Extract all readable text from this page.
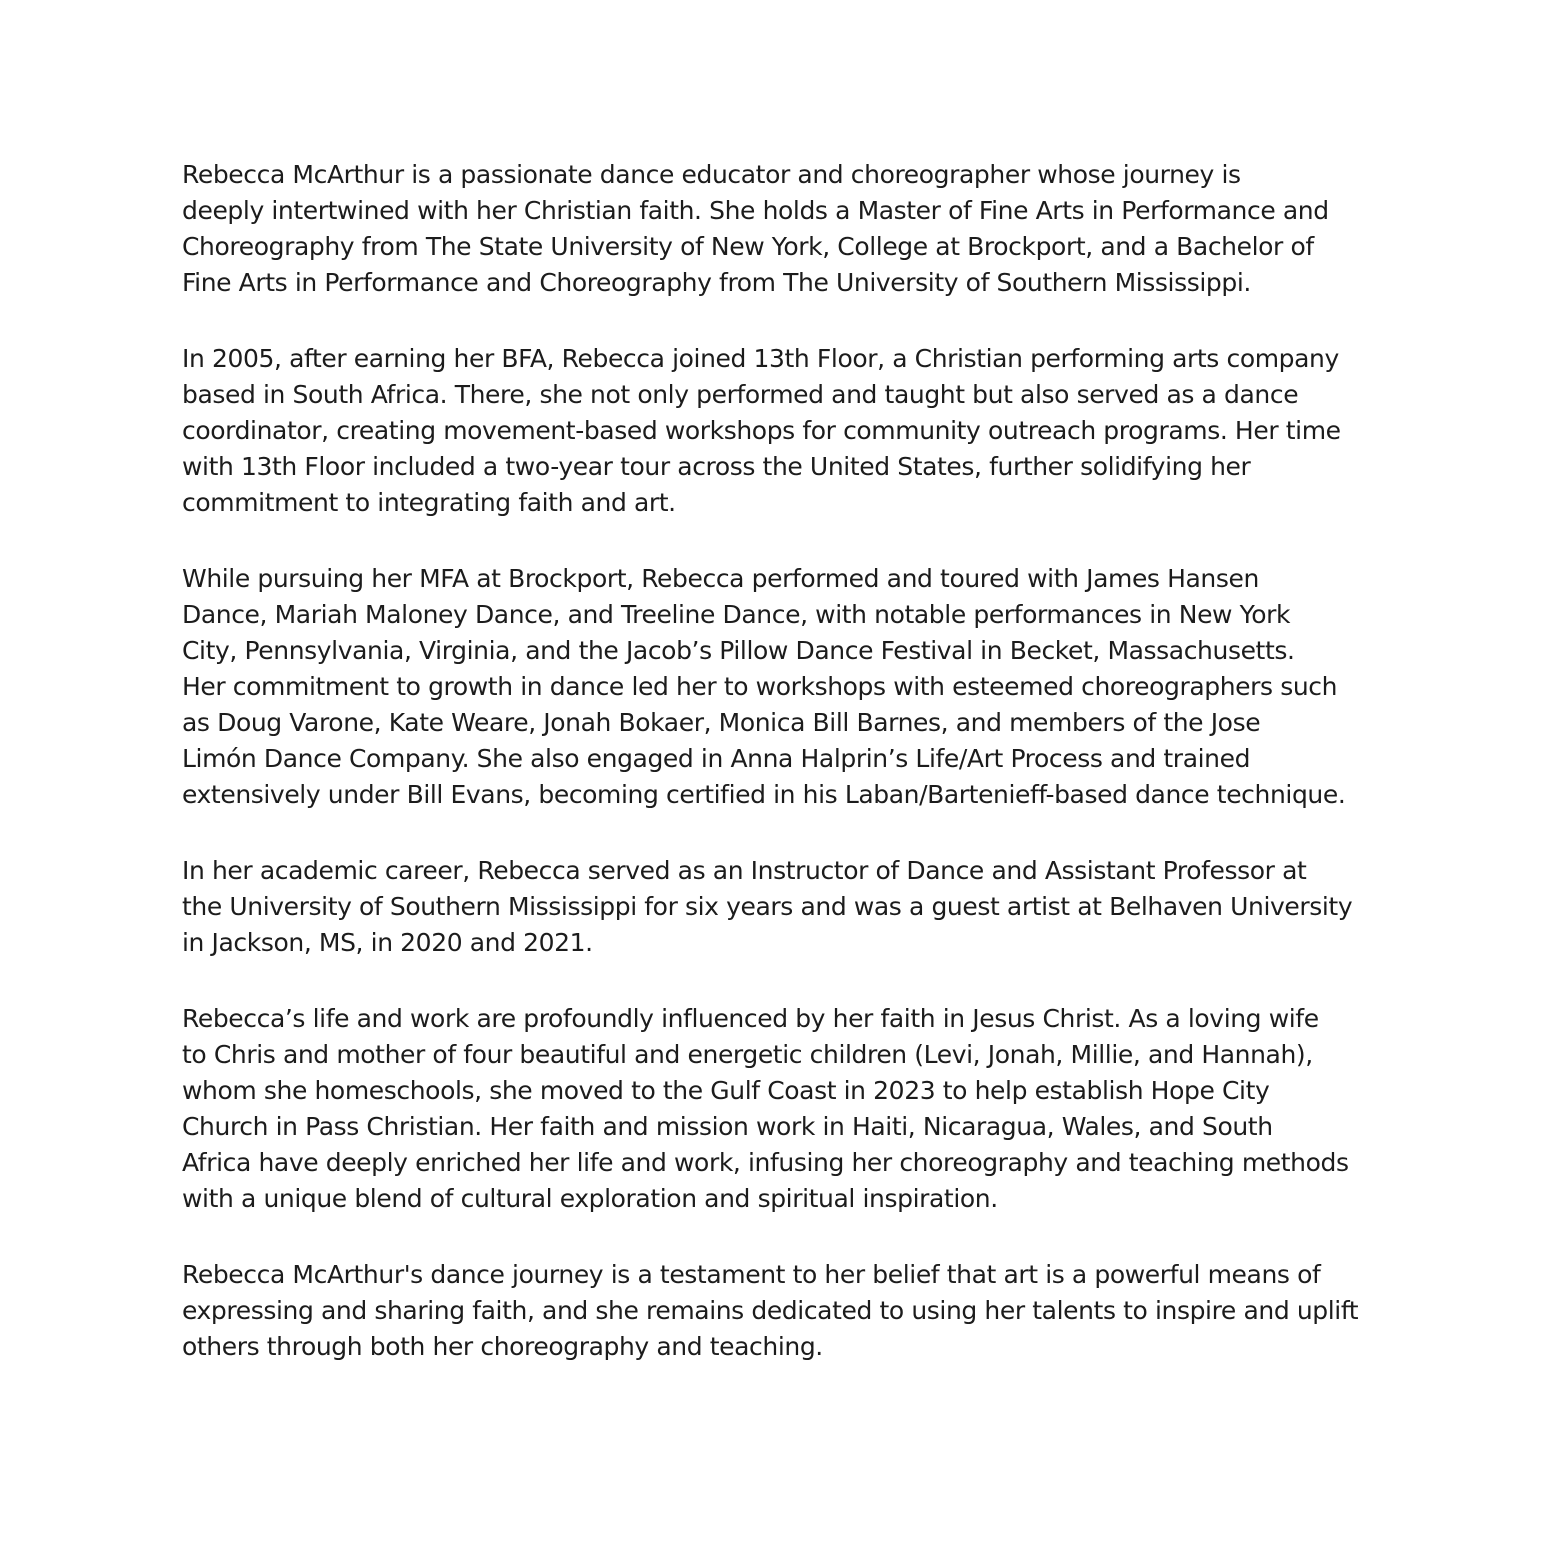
Rebecca McArthur is a passionate dance educator and choreographer whose journey is
deeply intertwined with her Christian faith. She holds a Master of Fine Arts in Performance and
Choreography from The State University of New York, College at Brockport, and a Bachelor of
Fine Arts in Performance and Choreography from The University of Southern Mississippi.

In 2005, after earning her BFA, Rebecca joined 13th Floor, a Christian performing arts company
based in South Africa. There, she not only performed and taught but also served as a dance
coordinator, creating movement-based workshops for community outreach programs. Her time
with 13th Floor included a two-year tour across the United States, further solidifying her
commitment to integrating faith and art.

While pursuing her MFA at Brockport, Rebecca performed and toured with James Hansen
Dance, Mariah Maloney Dance, and Treeline Dance, with notable performances in New York
City, Pennsylvania, Virginia, and the Jacob’s Pillow Dance Festival in Becket, Massachusetts.
Her commitment to growth in dance led her to workshops with esteemed choreographers such
as Doug Varone, Kate Weare, Jonah Bokaer, Monica Bill Barnes, and members of the Jose
Limón Dance Company. She also engaged in Anna Halprin’s Life/Art Process and trained
extensively under Bill Evans, becoming certified in his Laban/Bartenieff-based dance technique.

In her academic career, Rebecca served as an Instructor of Dance and Assistant Professor at
the University of Southern Mississippi for six years and was a guest artist at Belhaven University
in Jackson, MS, in 2020 and 2021.

Rebecca’s life and work are profoundly influenced by her faith in Jesus Christ. As a loving wife
to Chris and mother of four beautiful and energetic children (Levi, Jonah, Millie, and Hannah),
whom she homeschools, she moved to the Gulf Coast in 2023 to help establish Hope City
Church in Pass Christian. Her faith and mission work in Haiti, Nicaragua, Wales, and South
Africa have deeply enriched her life and work, infusing her choreography and teaching methods
with a unique blend of cultural exploration and spiritual inspiration.

Rebecca McArthur's dance journey is a testament to her belief that art is a powerful means of
expressing and sharing faith, and she remains dedicated to using her talents to inspire and uplift
others through both her choreography and teaching.
